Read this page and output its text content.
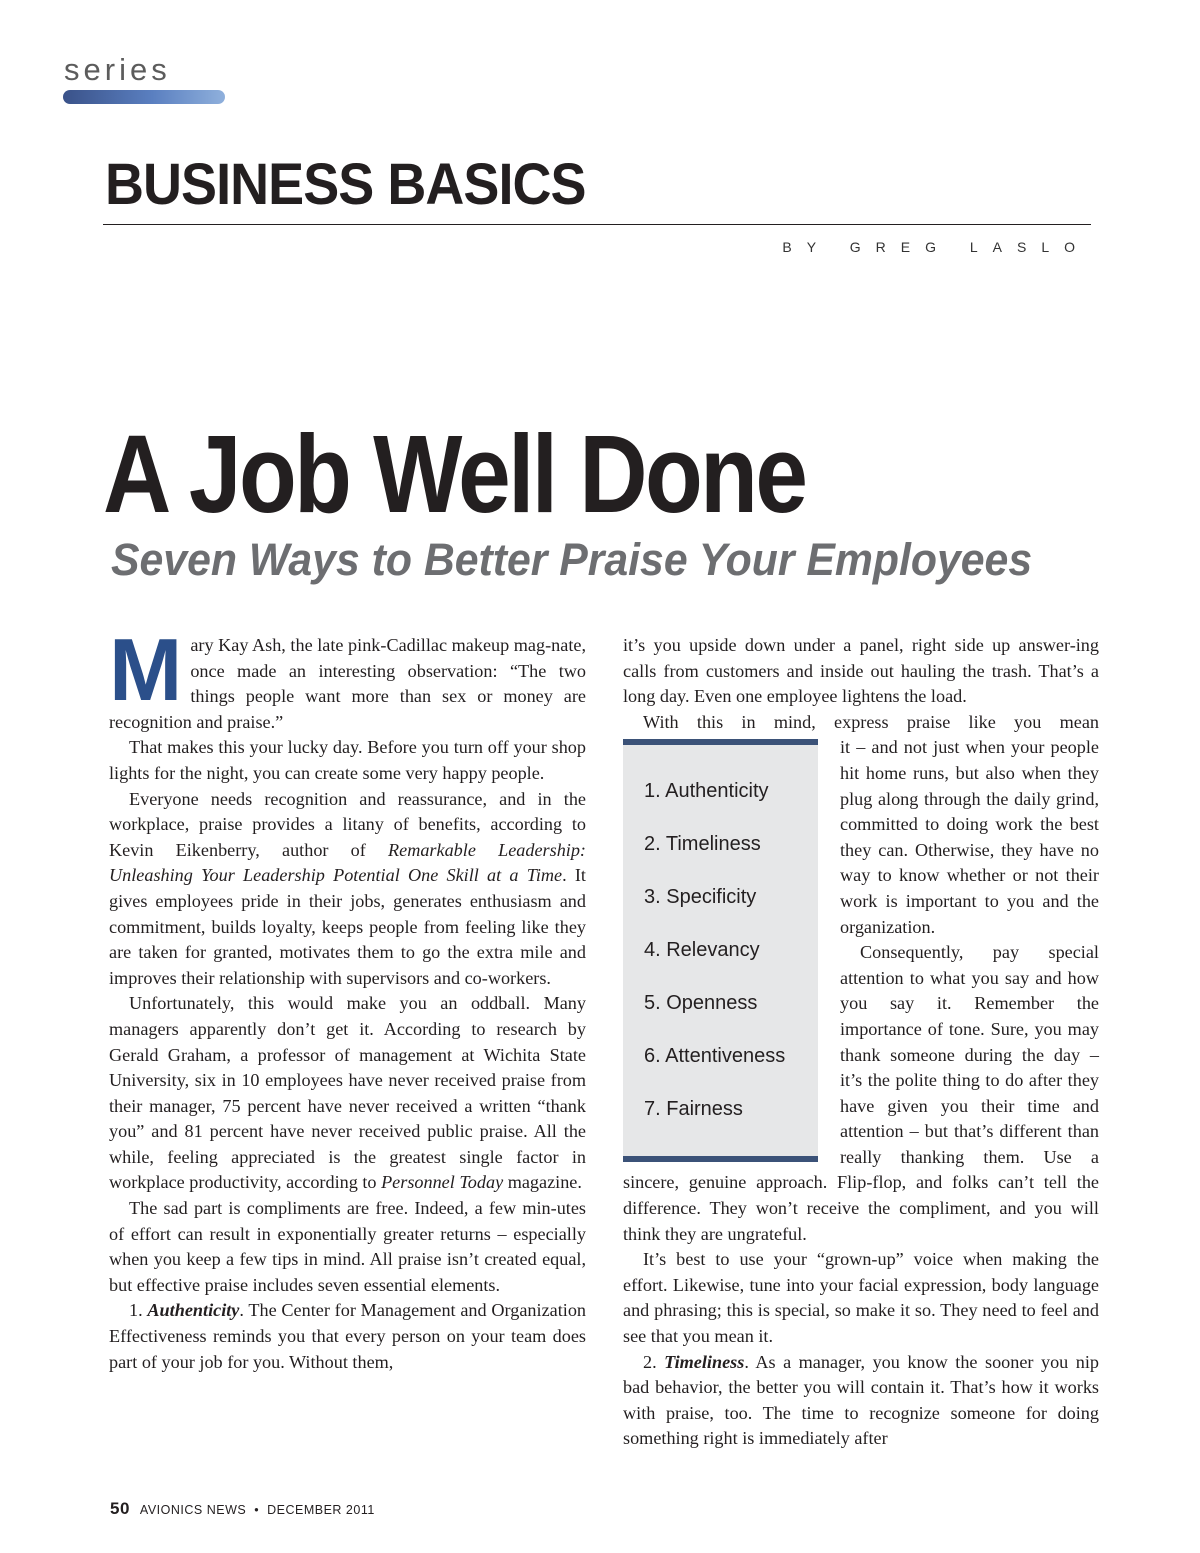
series
BUSINESS BASICS
BY GREG LASLO
A Job Well Done
Seven Ways to Better Praise Your Employees

Mary Kay Ash, the late pink-Cadillac makeup mag-nate, once made an interesting observation: “The two things people want more than sex or money are recognition and praise.”

That makes this your lucky day. Before you turn off your shop lights for the night, you can create some very happy people.

Everyone needs recognition and reassurance, and in the workplace, praise provides a litany of benefits, according to Kevin Eikenberry, author of Remarkable Leadership: Unleashing Your Leadership Potential One Skill at a Time. It gives employees pride in their jobs, generates enthusiasm and commitment, builds loyalty, keeps people from feeling like they are taken for granted, motivates them to go the extra mile and improves their relationship with supervisors and co-workers.

Unfortunately, this would make you an oddball. Many managers apparently don’t get it. According to research by Gerald Graham, a professor of management at Wichita State University, six in 10 employees have never received praise from their manager, 75 percent have never received a written “thank you” and 81 percent have never received public praise. All the while, feeling appreciated is the greatest single factor in workplace productivity, according to Personnel Today magazine.

The sad part is compliments are free. Indeed, a few min-utes of effort can result in exponentially greater returns – especially when you keep a few tips in mind. All praise isn’t created equal, but effective praise includes seven essential elements.

1. Authenticity. The Center for Management and Organization Effectiveness reminds you that every person on your team does part of your job for you. Without them,

it’s you upside down under a panel, right side up answer-ing calls from customers and inside out hauling the trash. That’s a long day. Even one employee lightens the load.

With this in mind, express praise like you mean

1. Authenticity
2. Timeliness
3. Specificity
4. Relevancy
5. Openness
6. Attentiveness
7. Fairness

it – and not just when your people hit home runs, but also when they plug along through the daily grind, committed to doing work the best they can. Otherwise, they have no way to know whether or not their work is important to you and the organization.

Consequently, pay special attention to what you say and how you say it. Remember the importance of tone. Sure, you may thank someone during the day – it’s the polite thing to do after they have given you their time and attention – but that’s different than really thanking them. Use a sincere, genuine approach. Flip-flop, and folks can’t tell the difference. They won’t receive the compliment, and you will think they are ungrateful.

It’s best to use your “grown-up” voice when making the effort. Likewise, tune into your facial expression, body language and phrasing; this is special, so make it so. They need to feel and see that you mean it.

2. Timeliness. As a manager, you know the sooner you nip bad behavior, the better you will contain it. That’s how it works with praise, too. The time to recognize someone for doing something right is immediately after

50 AVIONICS NEWS • DECEMBER 2011
